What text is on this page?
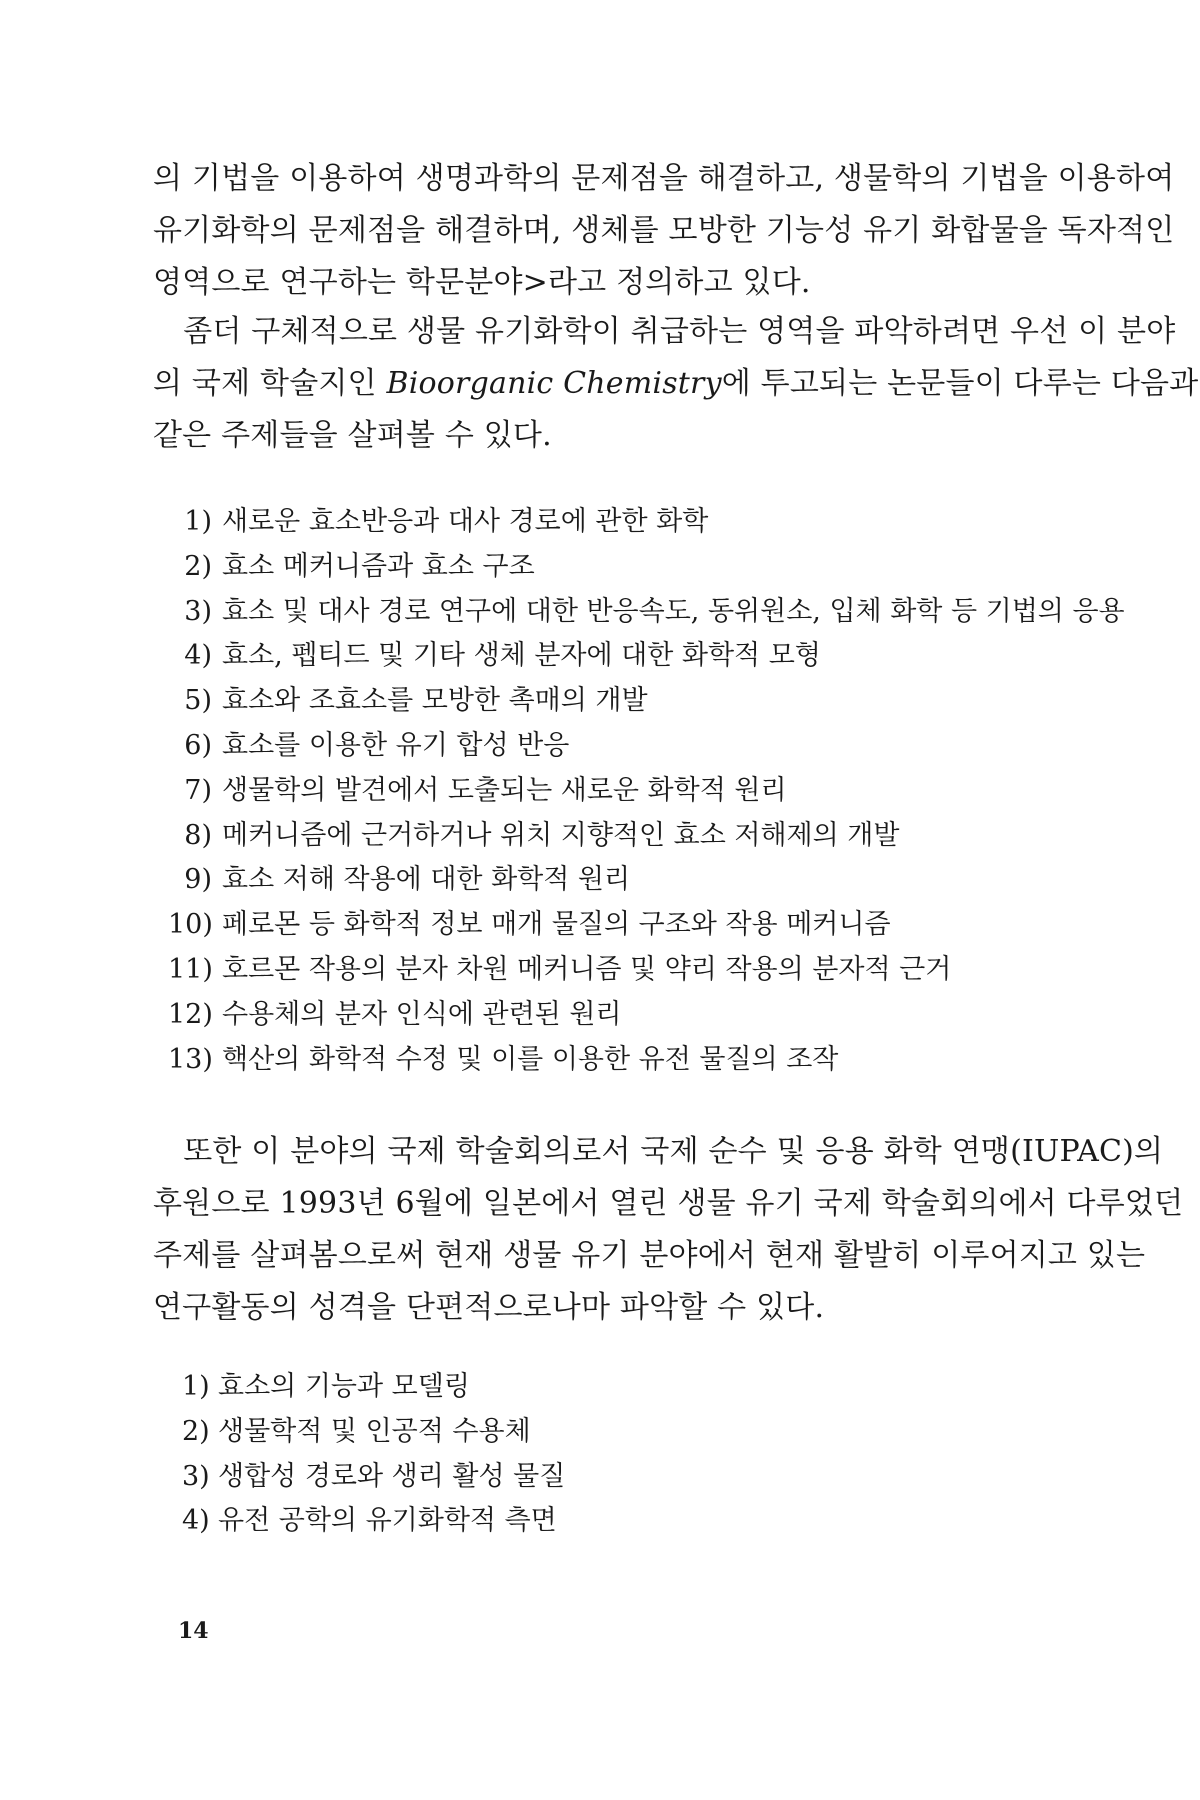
의 기법을 이용하여 생명과학의 문제점을 해결하고, 생물학의 기법을 이용하여
유기화학의 문제점을 해결하며, 생체를 모방한 기능성 유기 화합물을 독자적인
영역으로 연구하는 학문분야>라고 정의하고 있다.

　좀더 구체적으로 생물 유기화학이 취급하는 영역을 파악하려면 우선 이 분야
의 국제 학술지인 Bioorganic Chemistry에 투고되는 논문들이 다루는 다음과
같은 주제들을 살펴볼 수 있다.

1) 새로운 효소반응과 대사 경로에 관한 화학
2) 효소 메커니즘과 효소 구조
3) 효소 및 대사 경로 연구에 대한 반응속도, 동위원소, 입체 화학 등 기법의 응용
4) 효소, 펩티드 및 기타 생체 분자에 대한 화학적 모형
5) 효소와 조효소를 모방한 촉매의 개발
6) 효소를 이용한 유기 합성 반응
7) 생물학의 발견에서 도출되는 새로운 화학적 원리
8) 메커니즘에 근거하거나 위치 지향적인 효소 저해제의 개발
9) 효소 저해 작용에 대한 화학적 원리
10) 페로몬 등 화학적 정보 매개 물질의 구조와 작용 메커니즘
11) 호르몬 작용의 분자 차원 메커니즘 및 약리 작용의 분자적 근거
12) 수용체의 분자 인식에 관련된 원리
13) 핵산의 화학적 수정 및 이를 이용한 유전 물질의 조작

　또한 이 분야의 국제 학술회의로서 국제 순수 및 응용 화학 연맹(IUPAC)의
후원으로 1993년 6월에 일본에서 열린 생물 유기 국제 학술회의에서 다루었던
주제를 살펴봄으로써 현재 생물 유기 분야에서 현재 활발히 이루어지고 있는
연구활동의 성격을 단편적으로나마 파악할 수 있다.

1) 효소의 기능과 모델링
2) 생물학적 및 인공적 수용체
3) 생합성 경로와 생리 활성 물질
4) 유전 공학의 유기화학적 측면
14
